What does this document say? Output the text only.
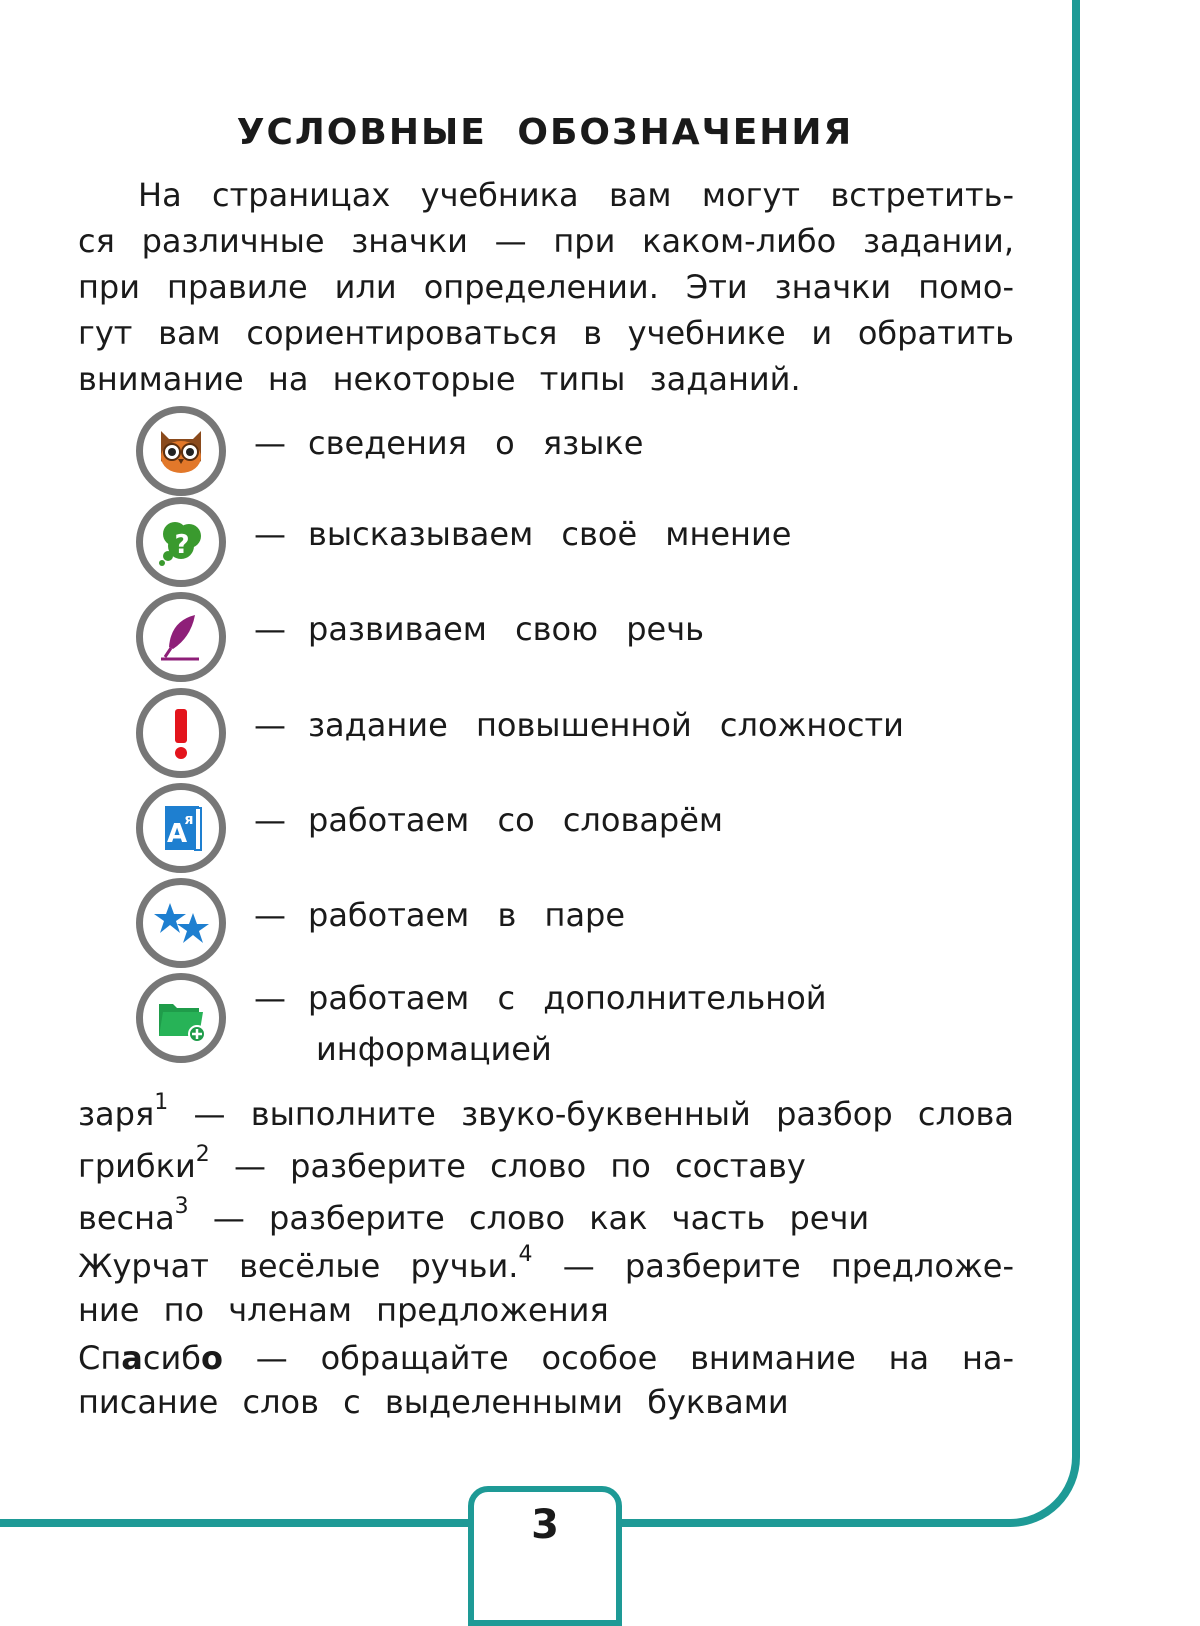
УСЛОВНЫЕ ОБОЗНАЧЕНИЯ
На страницах учебника вам могут встретить-
ся различные значки — при каком-либо задании,
при правиле или определении. Эти значки помо-
гут вам сориентироваться в учебнике и обратить
внимание на некоторые типы заданий.
— сведения о языке
? — высказываем своё мнение
— развиваем свою речь
— задание повышенной сложности
A
я — работаем со словарём
— работаем в паре
— работаем с дополнительной
информацией
заря$^1$ — выполните звуко-буквенный разбор слова
грибки$^2$ — разберите слово по составу
весна$^3$ — разберите слово как часть речи
Журчат весёлые ручьи.$^4$ — разберите предложе-
ние по членам предложения
Спасибо — обращайте особое внимание на на-
писание слов с выделенными буквами
3
